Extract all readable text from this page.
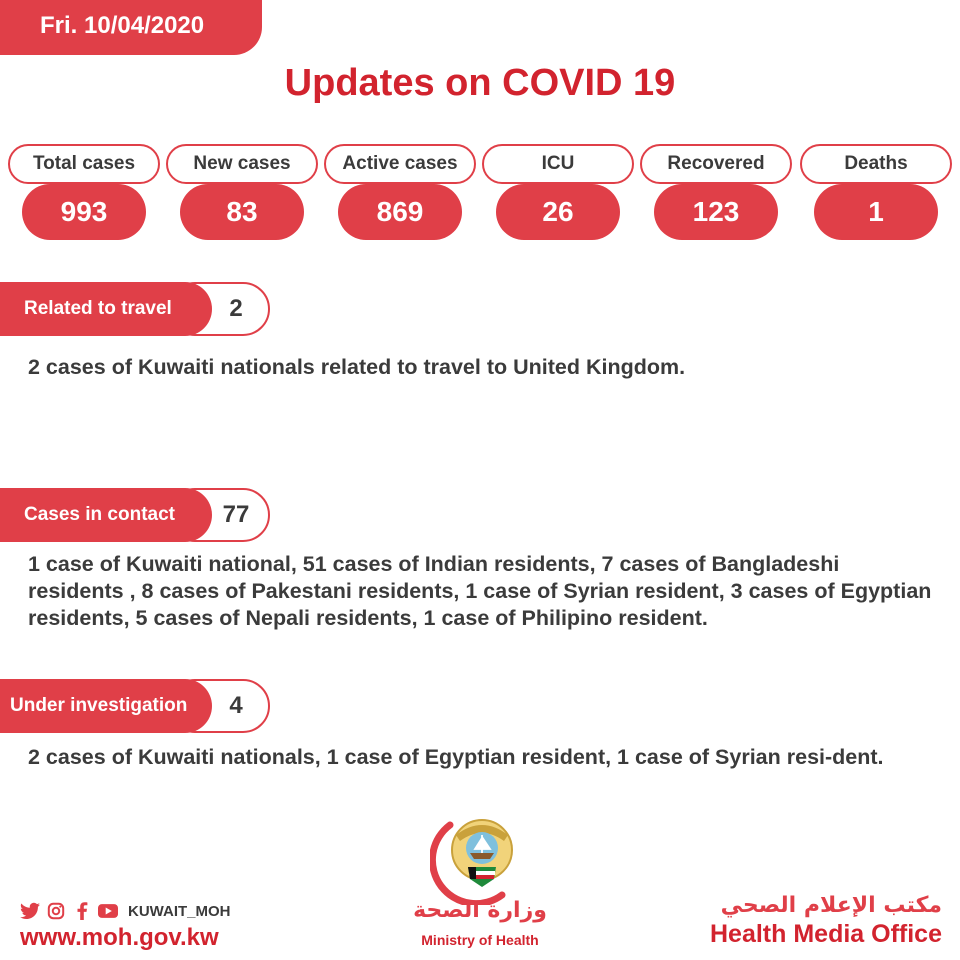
Fri. 10/04/2020
Updates on COVID 19
Total cases
993
New cases
83
Active cases
869
ICU
26
Recovered
123
Deaths
1
2
Related to travel
2 cases of Kuwaiti nationals related to travel to United Kingdom.
77
Cases in contact
1 case of Kuwaiti national, 51 cases of Indian residents, 7 cases of Bangladeshi residents , 8 cases of Pakestani residents, 1 case of Syrian resident, 3 cases of Egyptian residents, 5 cases of Nepali residents, 1 case of Philipino resident.
4
Under investigation
2 cases of Kuwaiti nationals, 1 case of Egyptian resident, 1 case of Syrian resi-dent.
KUWAIT_MOH
www.moh.gov.kw
وزارة الصحة
Ministry of Health
مكتب الإعلام الصحي
Health Media Office
